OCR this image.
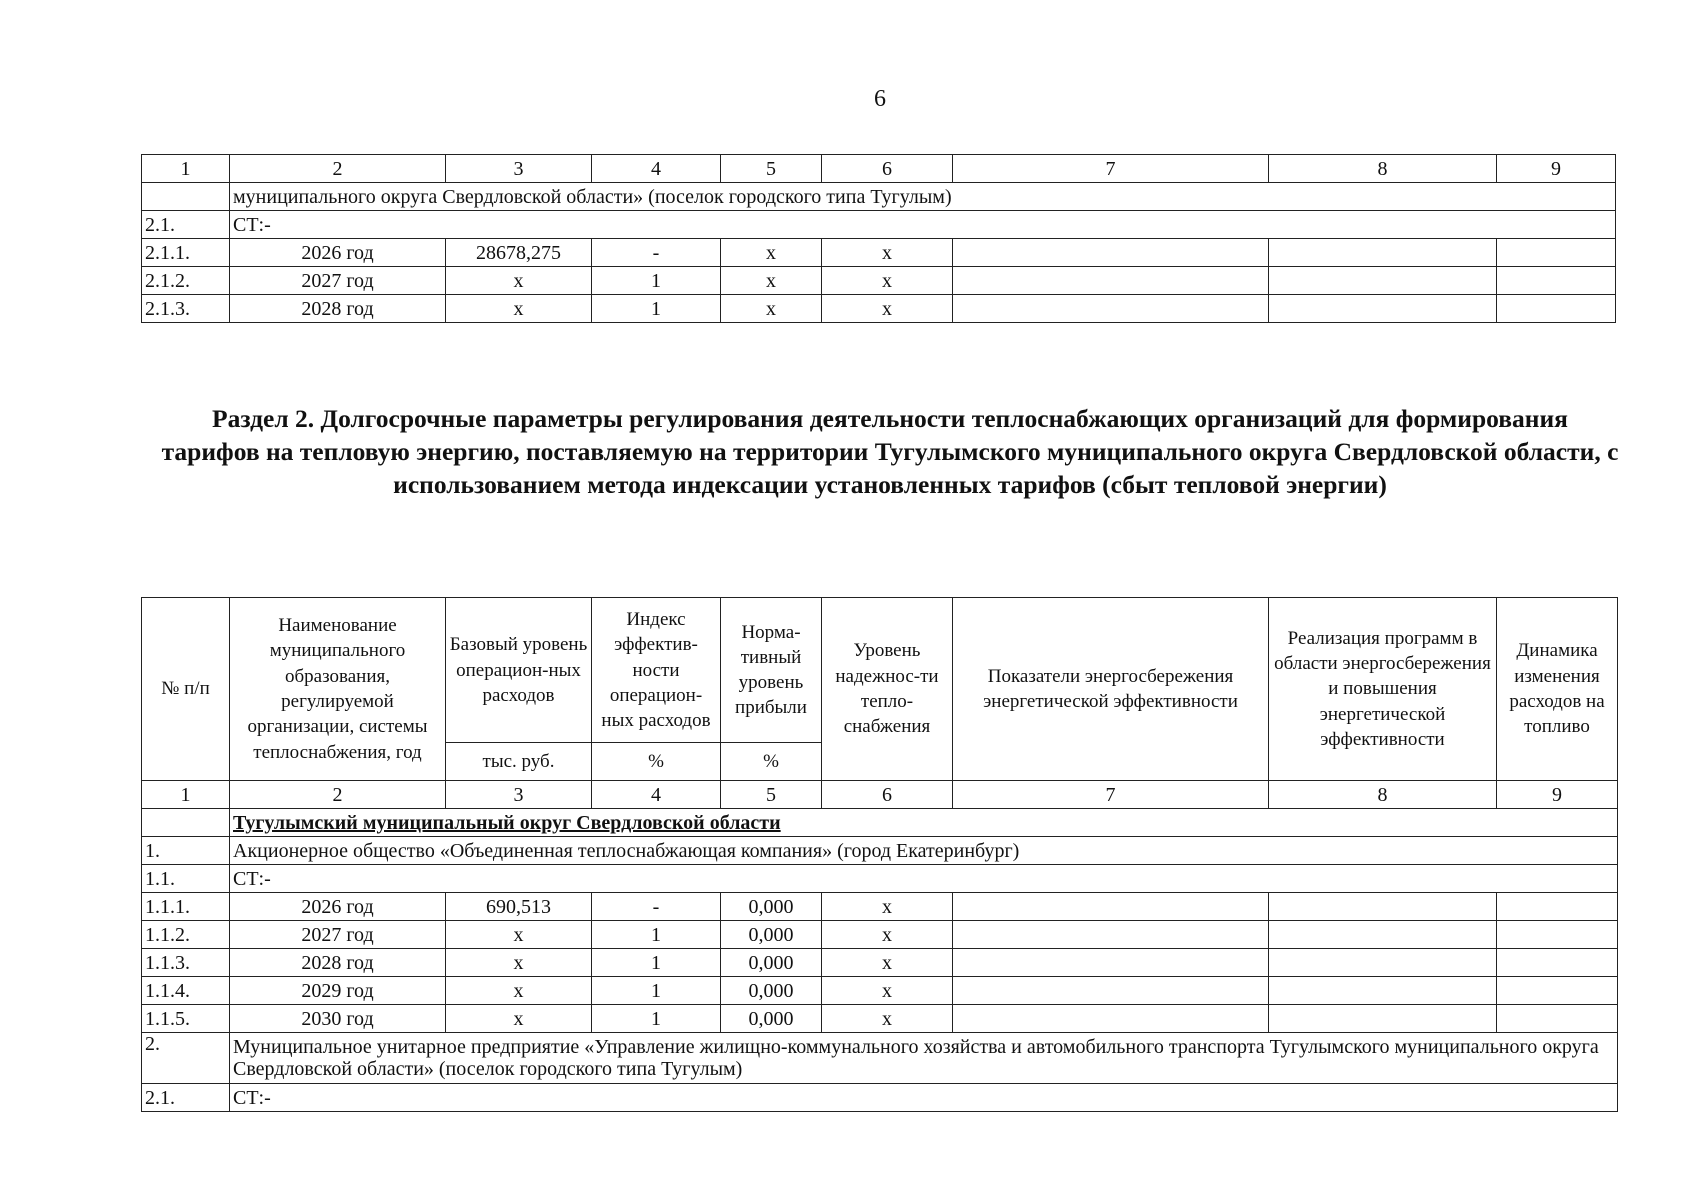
6
1	2	3	4	5	6	7	8	9
	муниципального округа Свердловской области» (поселок городского типа Тугулым)							
2.1.	СТ:-							
2.1.1.	2026 год	28678,275	-	х	х			
2.1.2.	2027 год	х	1	х	х			
2.1.3.	2028 год	х	1	х	х			
Раздел 2. Долгосрочные параметры регулирования деятельности теплоснабжающих организаций для формирования тарифов на тепловую энергию, поставляемую на территории Тугулымского муниципального округа Свердловской области, с использованием метода индексации установленных тарифов (сбыт тепловой энергии)
№ п/п	Наименование муниципального образования, регулируемой организации, системы теплоснабжения, год	Базовый уровень операцион-ных расходов	Индекс эффектив-ности операцион-ных расходов	Норма-тивный уровень прибыли	Уровень надежнос-ти тепло-снабжения	Показатели энергосбережения энергетической эффективности	Реализация программ в области энергосбережения и повышения энергетической эффективности	Динамика изменения расходов на топливо
		тыс. руб.	%	%				
1	2	3	4	5	6	7	8	9
	Тугулымский муниципальный округ Свердловской области							
1.	Акционерное общество «Объединенная теплоснабжающая компания» (город Екатеринбург)							
1.1.	СТ:-							
1.1.1.	2026 год	690,513	-	0,000	х			
1.1.2.	2027 год	х	1	0,000	х			
1.1.3.	2028 год	х	1	0,000	х			
1.1.4.	2029 год	х	1	0,000	х			
1.1.5.	2030 год	х	1	0,000	х			
2.	Муниципальное унитарное предприятие «Управление жилищно-коммунального хозяйства и автомобильного транспорта Тугулымского муниципального округа Свердловской области» (поселок городского типа Тугулым)							
2.1.	СТ:-							
